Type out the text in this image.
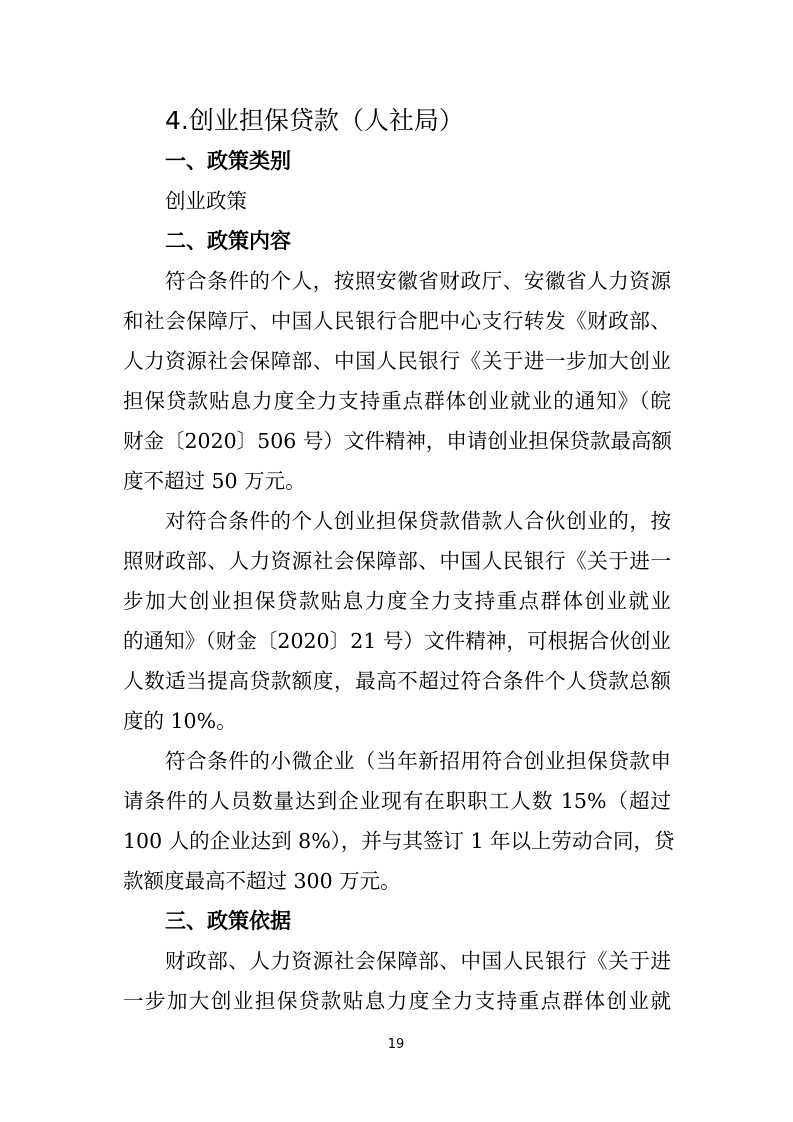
4.创业担保贷款（人社局）
一、政策类别
创业政策
二、政策内容
符合条件的个人，按照安徽省财政厅、安徽省人力资源
和社会保障厅、中国人民银行合肥中心支行转发《财政部、
人力资源社会保障部、中国人民银行《关于进一步加大创业
担保贷款贴息力度全力支持重点群体创业就业的通知》（皖
财金〔2020〕506 号）文件精神，申请创业担保贷款最高额
度不超过 50 万元。
对符合条件的个人创业担保贷款借款人合伙创业的，按
照财政部、人力资源社会保障部、中国人民银行《关于进一
步加大创业担保贷款贴息力度全力支持重点群体创业就业
的通知》（财金〔2020〕21 号）文件精神，可根据合伙创业
人数适当提高贷款额度，最高不超过符合条件个人贷款总额
度的 10%。
符合条件的小微企业（当年新招用符合创业担保贷款申
请条件的人员数量达到企业现有在职职工人数 15%（超过
100 人的企业达到 8%），并与其签订 1 年以上劳动合同，贷
款额度最高不超过 300 万元。
三、政策依据
财政部、人力资源社会保障部、中国人民银行《关于进
一步加大创业担保贷款贴息力度全力支持重点群体创业就
19
